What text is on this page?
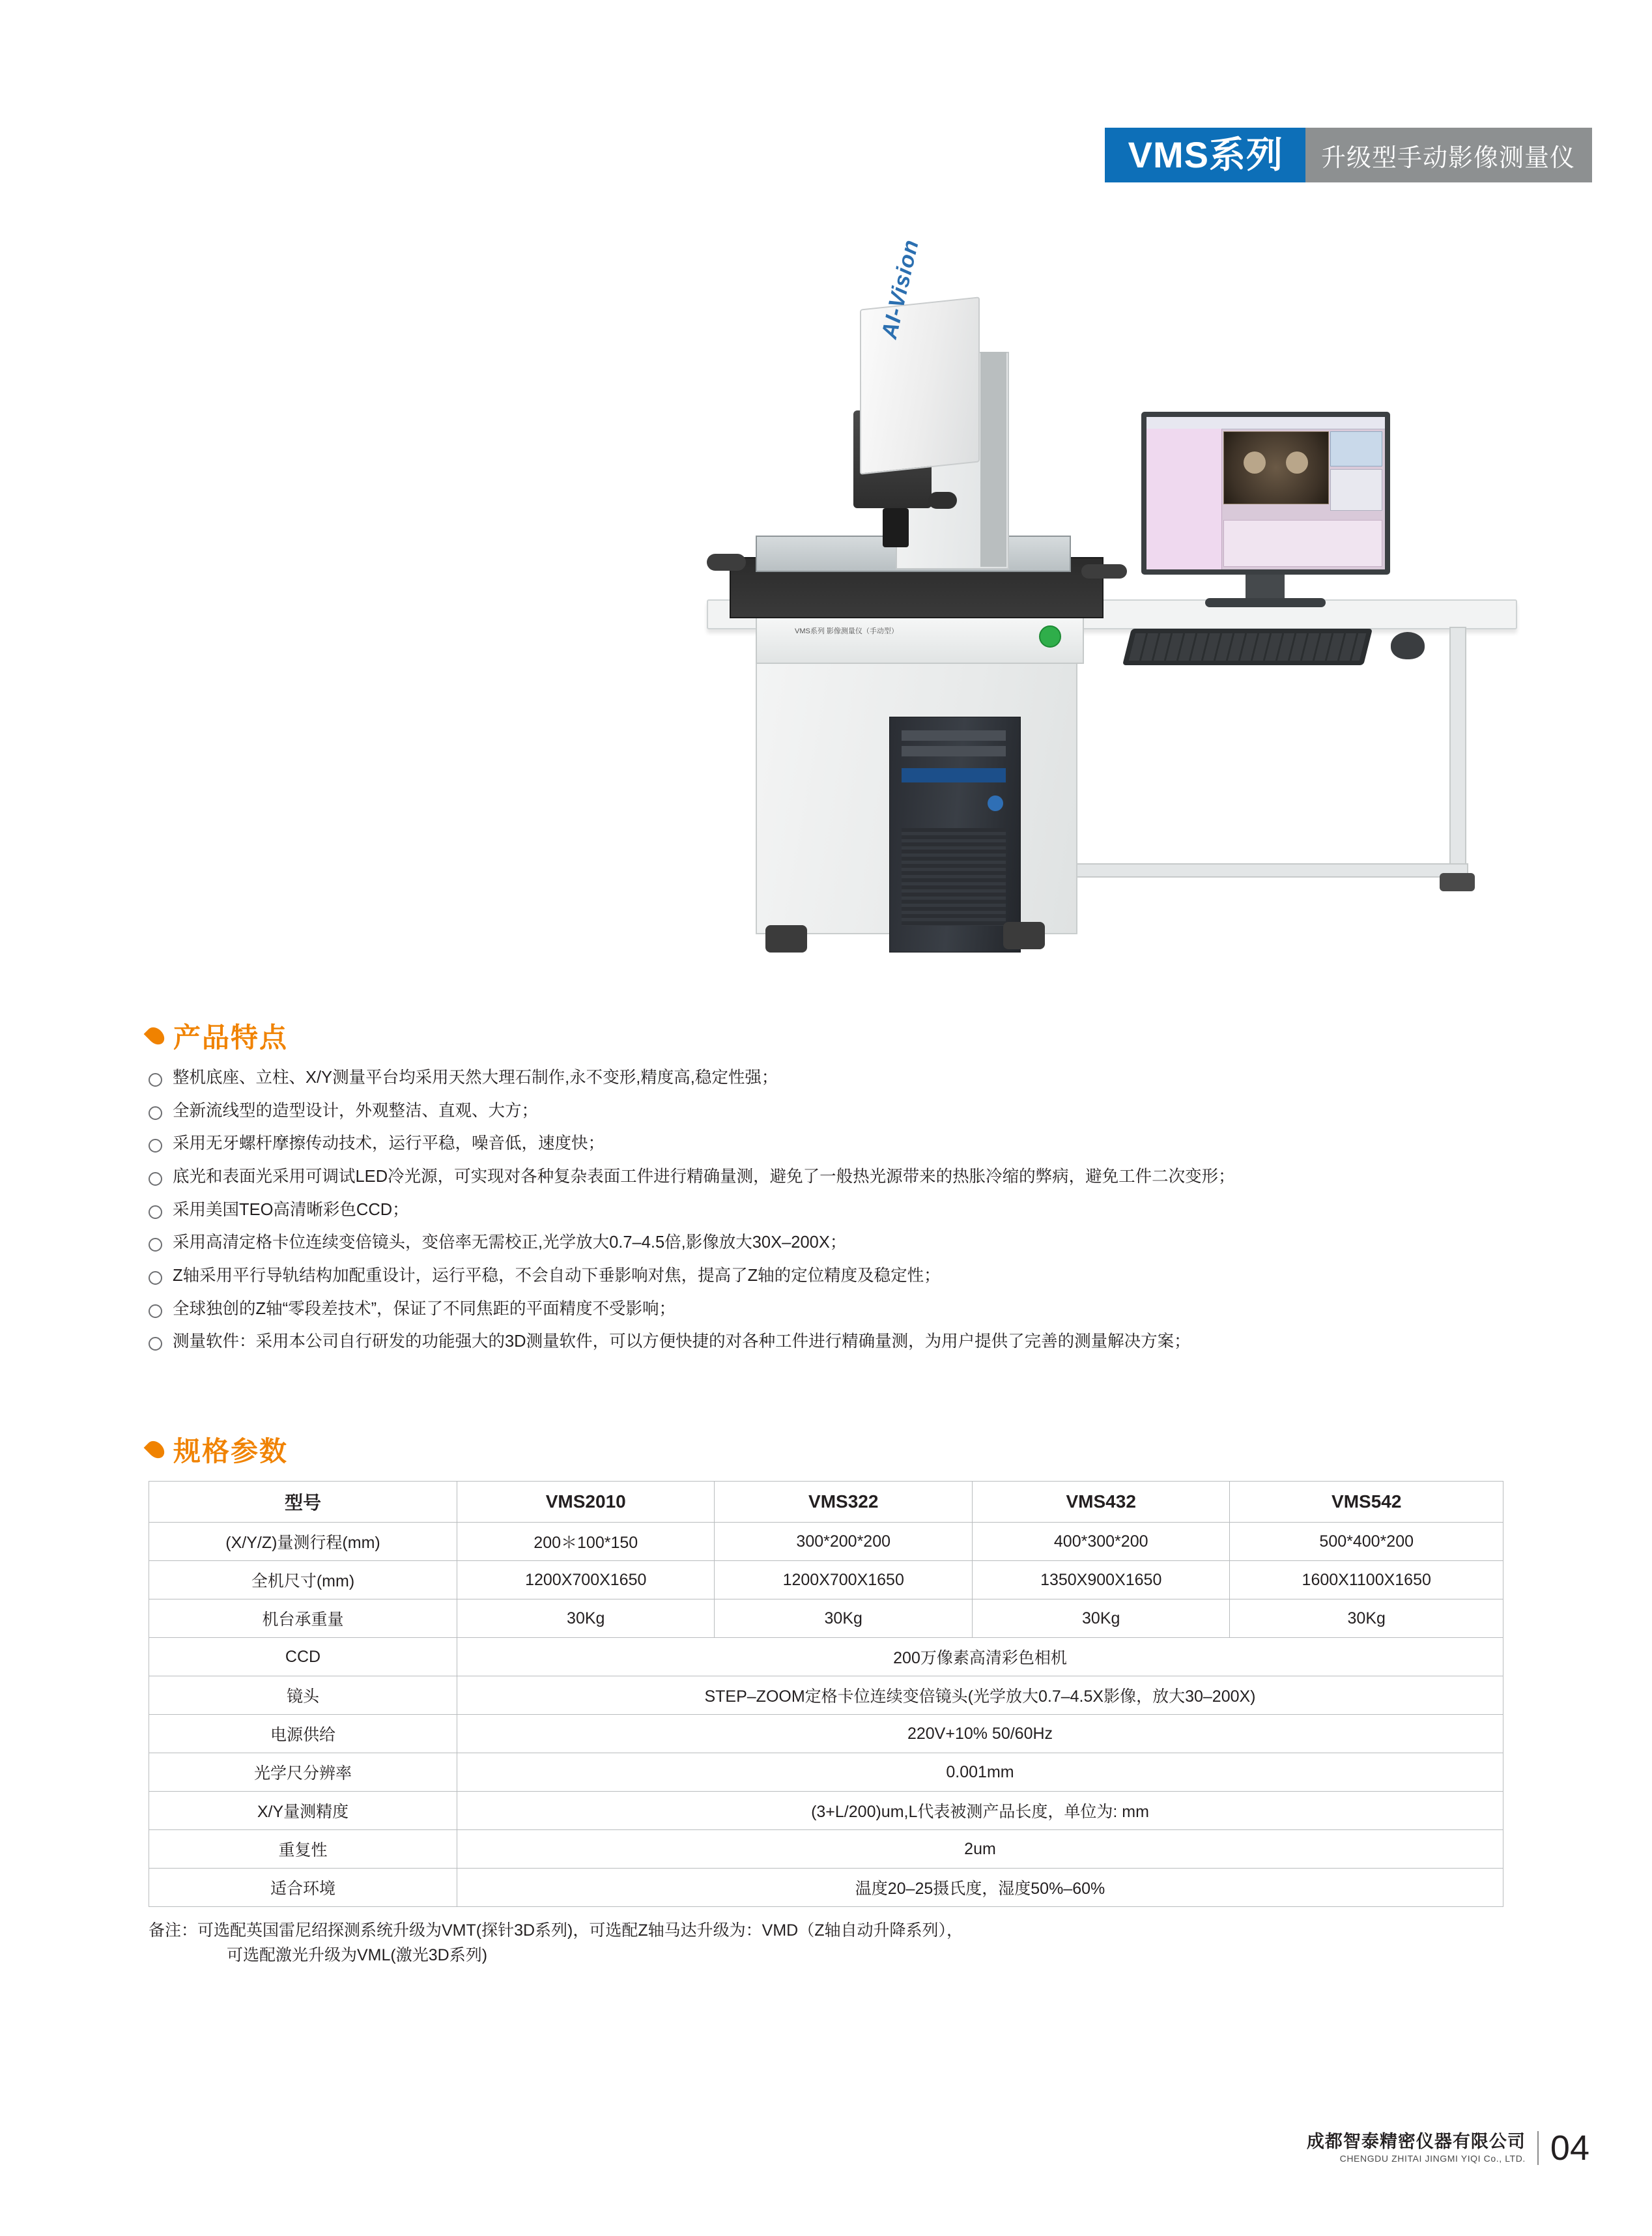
VMS系列	升级型手动影像测量仪
VMS系列 影像测量仪（手动型）
AI-Vision
产品特点
整机底座、立柱、X/Y测量平台均采用天然大理石制作,永不变形,精度高,稳定性强；
全新流线型的造型设计，外观整洁、直观、大方；
采用无牙螺杆摩擦传动技术，运行平稳，噪音低，速度快；
底光和表面光采用可调试LED冷光源，可实现对各种复杂表面工件进行精确量测，避免了一般热光源带来的热胀冷缩的弊病，避免工件二次变形；
采用美国TEO高清晰彩色CCD；
采用高清定格卡位连续变倍镜头，变倍率无需校正,光学放大0.7–4.5倍,影像放大30X–200X；
Z轴采用平行导轨结构加配重设计，运行平稳，不会自动下垂影响对焦，提高了Z轴的定位精度及稳定性；
全球独创的Z轴“零段差技术”，保证了不同焦距的平面精度不受影响；
测量软件：采用本公司自行研发的功能强大的3D测量软件，可以方便快捷的对各种工件进行精确量测，为用户提供了完善的测量解决方案；
规格参数
型号	VMS2010	VMS322	VMS432	VMS542
(X/Y/Z)量测行程(mm)	200＊100*150	300*200*200	400*300*200	500*400*200
全机尺寸(mm)	1200X700X1650	1200X700X1650	1350X900X1650	1600X1100X1650
机台承重量	30Kg	30Kg	30Kg	30Kg
CCD	200万像素高清彩色相机			
镜头	STEP–ZOOM定格卡位连续变倍镜头(光学放大0.7–4.5X影像，放大30–200X)			
电源供给	220V+10% 50/60Hz			
光学尺分辨率	0.001mm			
X/Y量测精度	(3+L/200)um,L代表被测产品长度，单位为: mm			
重复性	2um			
适合环境	温度20–25摄氏度，湿度50%–60%			
备注：可选配英国雷尼绍探测系统升级为VMT(探针3D系列)，可选配Z轴马达升级为：VMD（Z轴自动升降系列），
可选配激光升级为VML(激光3D系列)
成都智泰精密仪器有限公司
CHENGDU ZHITAI JINGMI YIQI Co., LTD. 04
